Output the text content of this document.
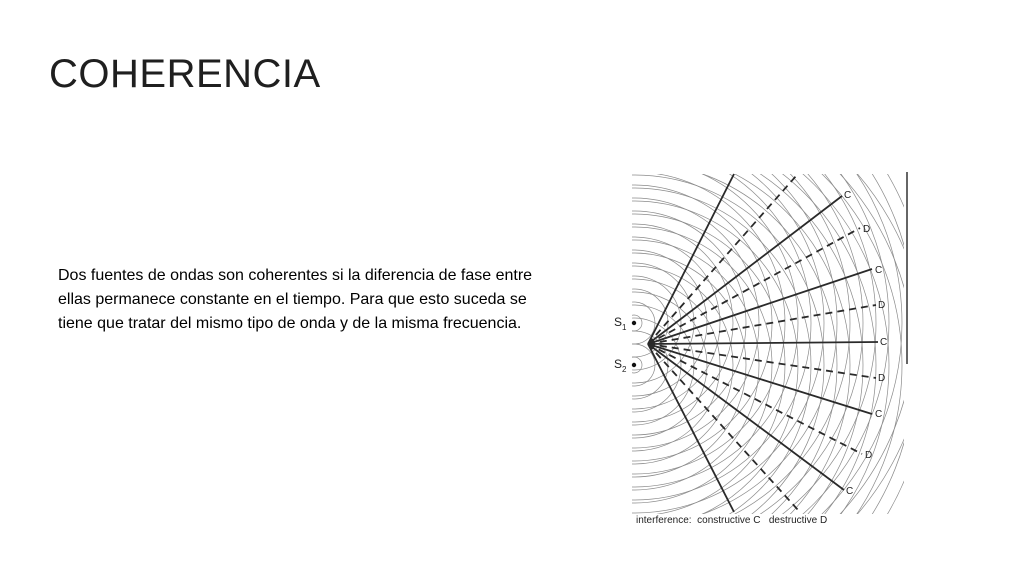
COHERENCIA

Dos fuentes de ondas son coherentes si la diferencia de fase entre ellas permanece constante en el tiempo. Para que esto suceda se tiene que tratar del mismo tipo de onda y de la misma frecuencia.	S 1
S 2
C
D
C
D
C
D
C
D
C
interference:  constructive C   destructive D
